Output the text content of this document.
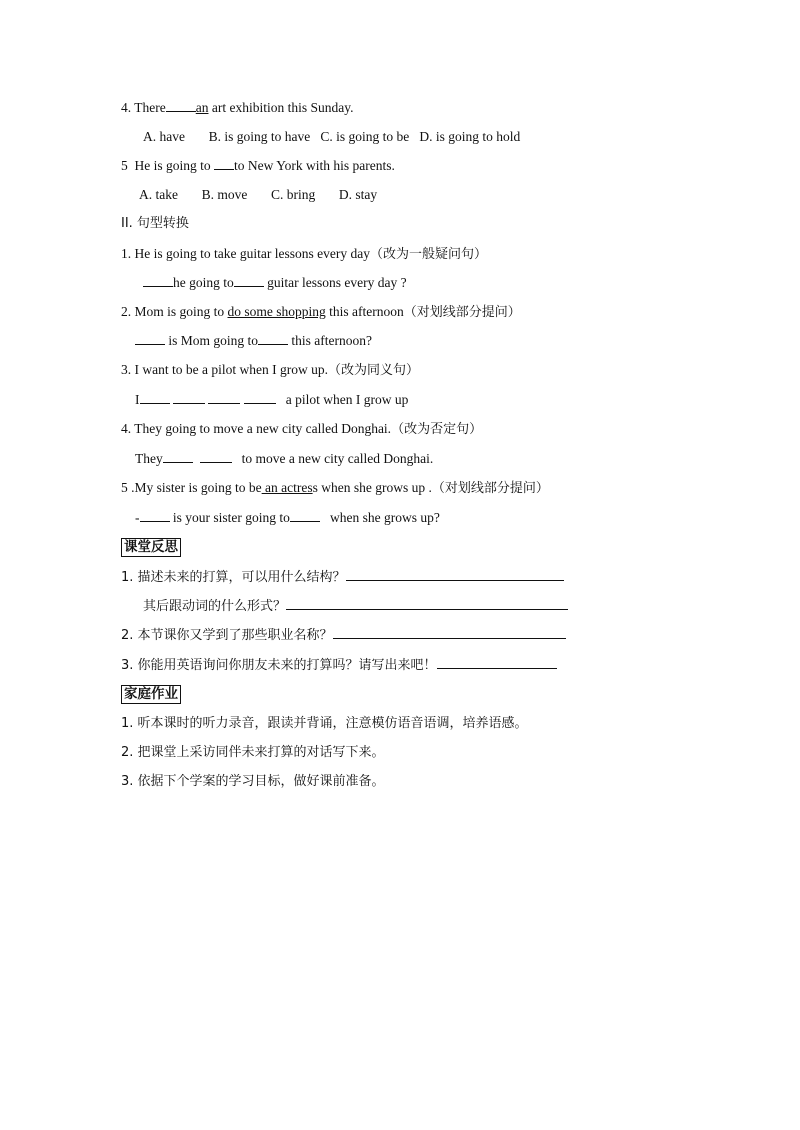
4. There an art exhibition this Sunday.
A. have       B. is going to have   C. is going to be   D. is going to hold
5  He is going to to New York with his parents.
A. take       B. move       C. bring       D. stay
II. 句型转换
1. He is going to take guitar lessons every day（改为一般疑问句）
he going to guitar lessons every day ?
2. Mom is going to do some shopping this afternoon（对划线部分提问）
is Mom going to this afternoon?
3. I want to be a pilot when I grow up.（改为同义句）
I	a pilot when I grow up
4. They going to move a new city called Donghai.（改为否定句）
They	to move a new city called Donghai.
5 .My sister is going to be an actress when she grows up .（对划线部分提问）
- is your sister going to	when she grows up?
课堂反思
1. 描述未来的打算，可以用什么结构？
其后跟动词的什么形式？
2. 本节课你又学到了那些职业名称？
3. 你能用英语询问你朋友未来的打算吗？请写出来吧！
家庭作业
1. 听本课时的听力录音，跟读并背诵，注意模仿语音语调，培养语感。
2. 把课堂上采访同伴未来打算的对话写下来。
3. 依据下个学案的学习目标，做好课前准备。
